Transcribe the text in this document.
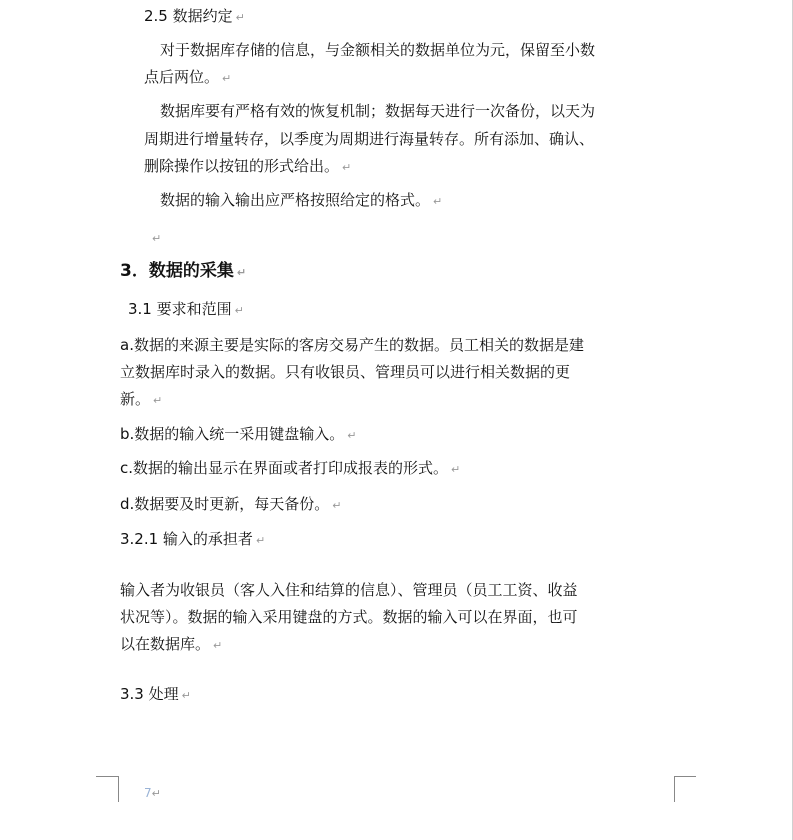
2.5 数据约定 ↵
对于数据库存储的信息，与金额相关的数据单位为元，保留至小数
点后两位。 ↵
数据库要有严格有效的恢复机制；数据每天进行一次备份，以天为
周期进行增量转存，以季度为周期进行海量转存。所有添加、确认、
删除操作以按钮的形式给出。 ↵
数据的输入输出应严格按照给定的格式。 ↵
↵
3．数据的采集 ↵
3.1 要求和范围 ↵
a.数据的来源主要是实际的客房交易产生的数据。员工相关的数据是建
立数据库时录入的数据。只有收银员、管理员可以进行相关数据的更
新。 ↵
b.数据的输入统一采用键盘输入。 ↵
c.数据的输出显示在界面或者打印成报表的形式。 ↵
d.数据要及时更新，每天备份。 ↵
3.2.1 输入的承担者 ↵
输入者为收银员（客人入住和结算的信息）、管理员（员工工资、收益
状况等）。数据的输入采用键盘的方式。数据的输入可以在界面，也可
以在数据库。 ↵
3.3 处理 ↵
7↵
